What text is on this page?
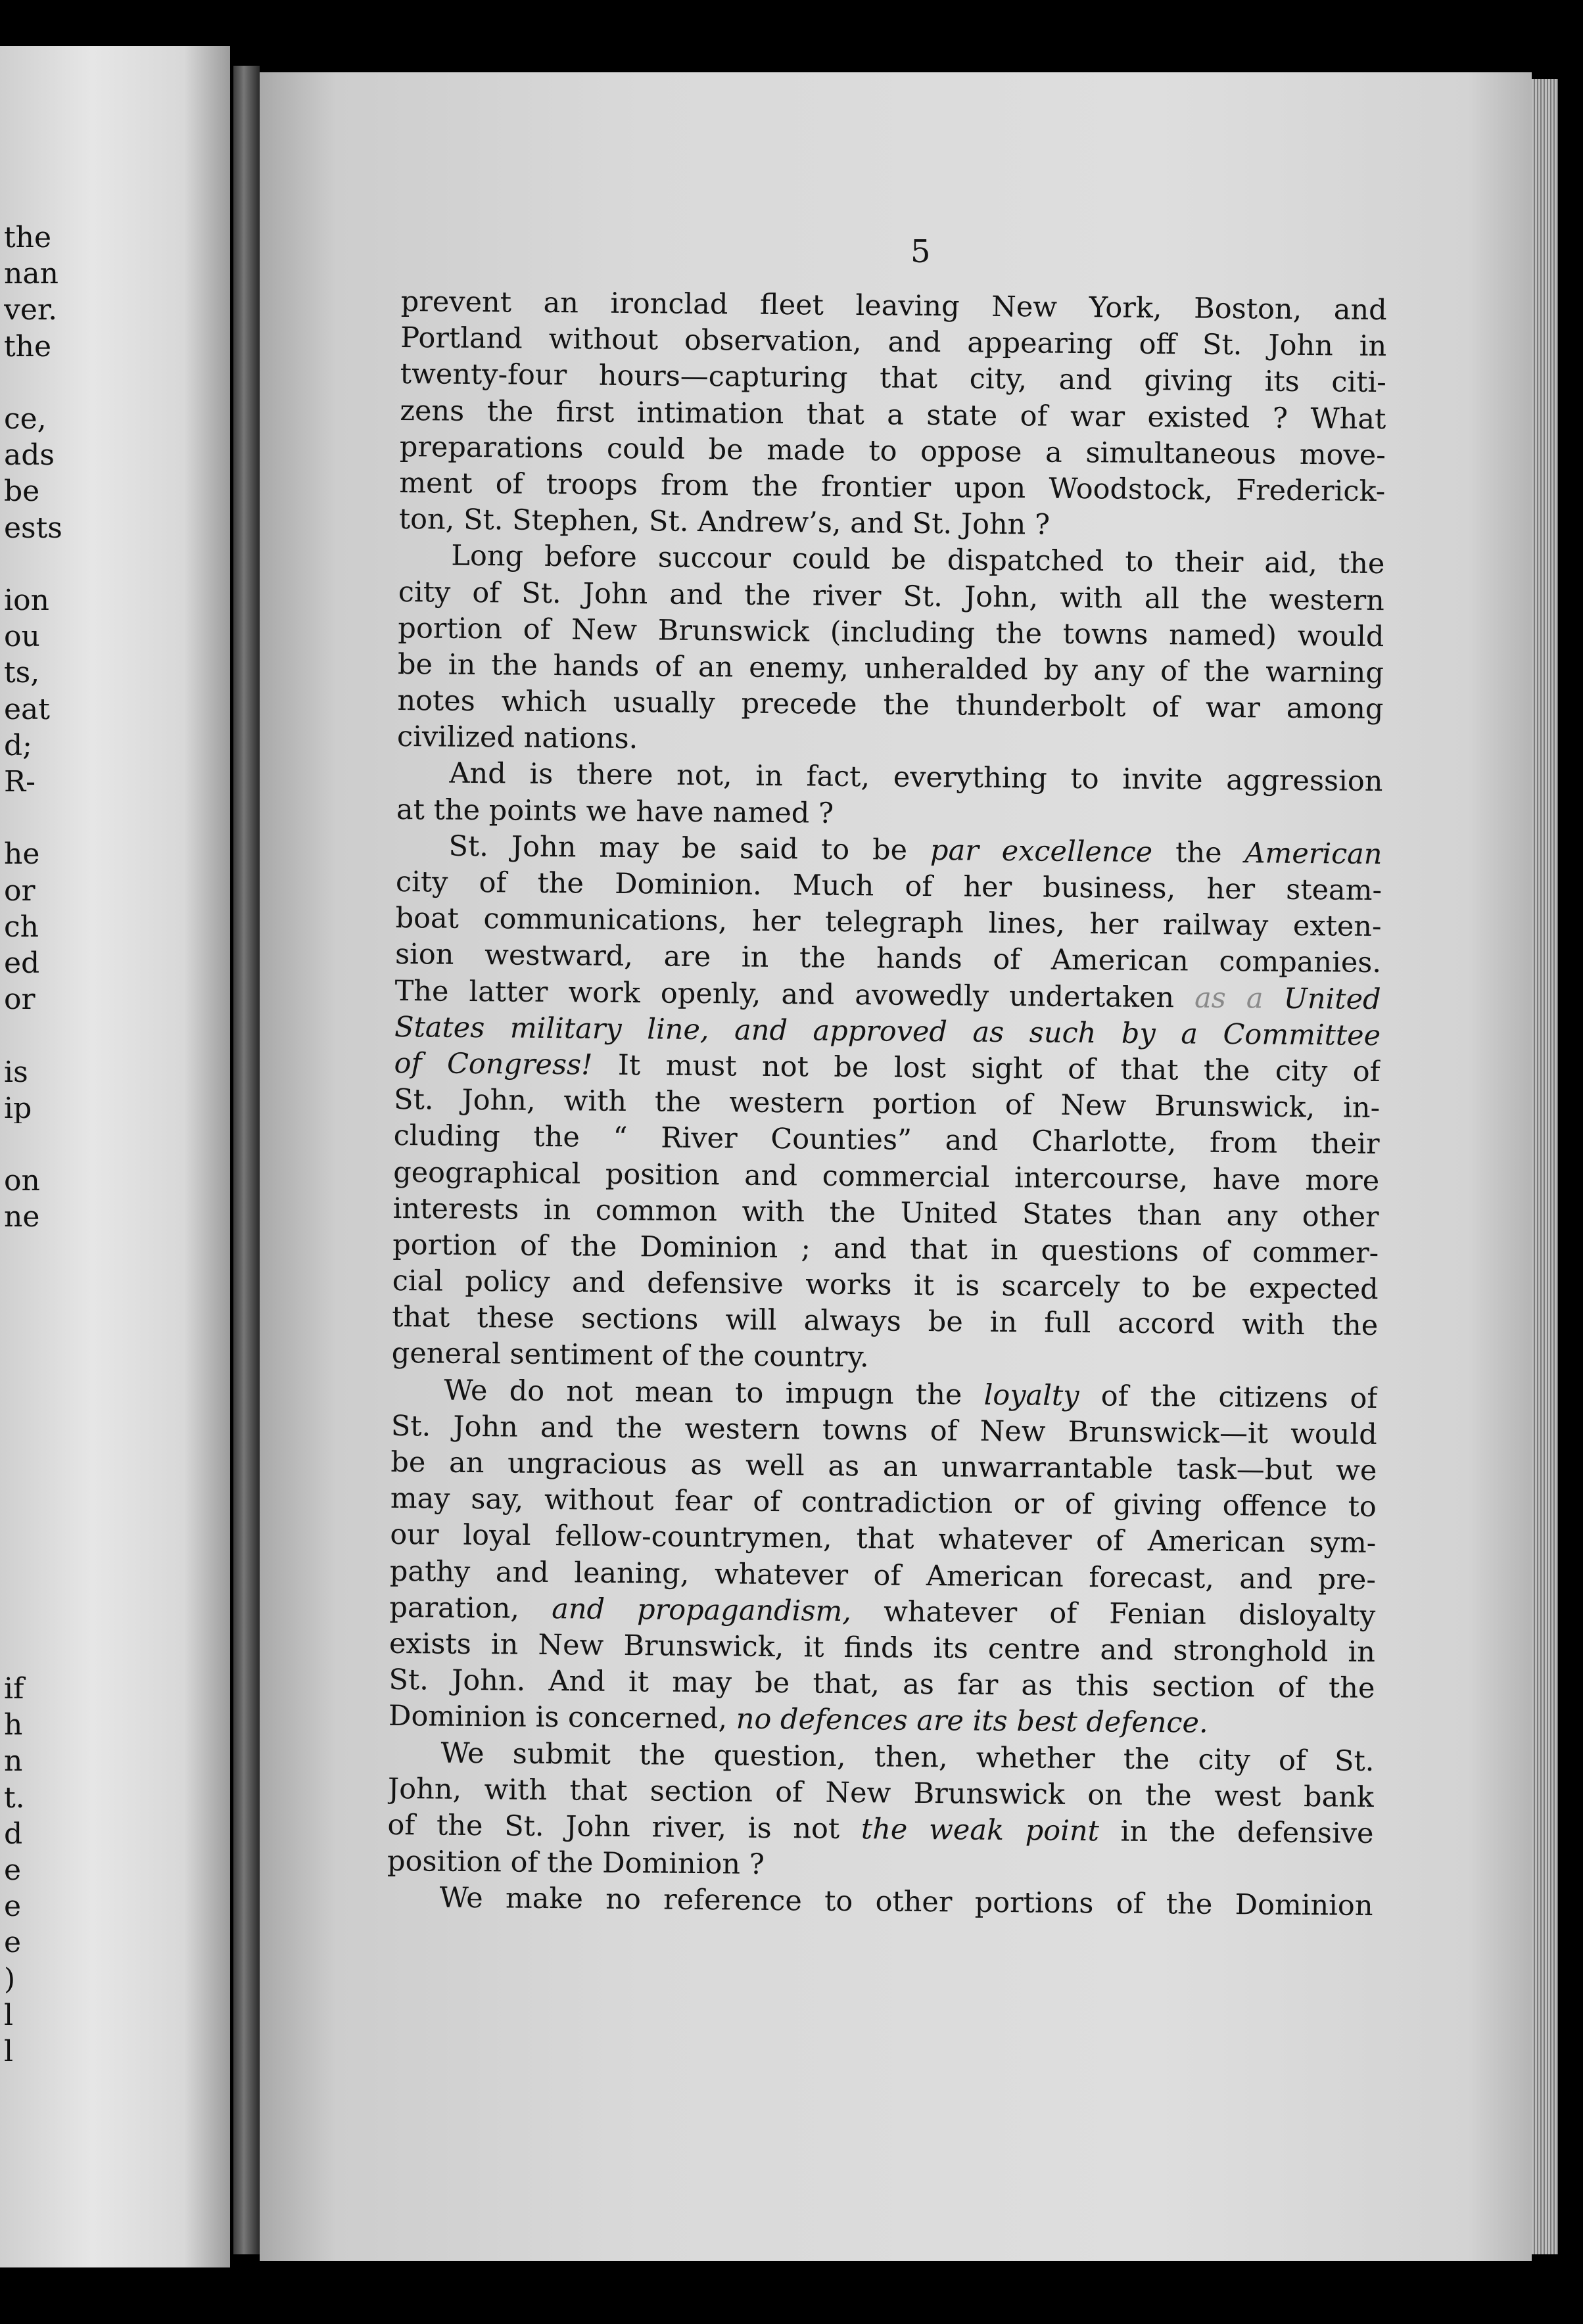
the
nan
ver.
the
ce,
ads
be
ests
ion
ou
ts,
eat
d;
R-
he
or
ch
ed
or
is
ip
on
ne
if
h
n
t.
d
e
e
e
)
l
l
5
prevent an ironclad fleet leaving New York, Boston, and
Portland without observation, and appearing off St. John in
twenty-four hours—capturing that city, and giving its citi-
zens the first intimation that a state of war existed ? What
preparations could be made to oppose a simultaneous move-
ment of troops from the frontier upon Woodstock, Frederick-
ton, St. Stephen, St. Andrew’s, and St. John ?
Long before succour could be dispatched to their aid, the
city of St. John and the river St. John, with all the western
portion of New Brunswick (including the towns named) would
be in the hands of an enemy, unheralded by any of the warning
notes which usually precede the thunderbolt of war among
civilized nations.
And is there not, in fact, everything to invite aggression
at the points we have named ?
St. John may be said to be par excellence the American
city of the Dominion. Much of her business, her steam-
boat communications, her telegraph lines, her railway exten-
sion westward, are in the hands of American companies.
The latter work openly, and avowedly undertaken as a United
States military line, and approved as such by a Committee
of Congress! It must not be lost sight of that the city of
St. John, with the western portion of New Brunswick, in-
cluding the “ River Counties” and Charlotte, from their
geographical position and commercial intercourse, have more
interests in common with the United States than any other
portion of the Dominion ; and that in questions of commer-
cial policy and defensive works it is scarcely to be expected
that these sections will always be in full accord with the
general sentiment of the country.
We do not mean to impugn the loyalty of the citizens of
St. John and the western towns of New Brunswick—it would
be an ungracious as well as an unwarrantable task—but we
may say, without fear of contradiction or of giving offence to
our loyal fellow-countrymen, that whatever of American sym-
pathy and leaning, whatever of American forecast, and pre-
paration, and propagandism, whatever of Fenian disloyalty
exists in New Brunswick, it finds its centre and stronghold in
St. John. And it may be that, as far as this section of the
Dominion is concerned, no defences are its best defence.
We submit the question, then, whether the city of St.
John, with that section of New Brunswick on the west bank
of the St. John river, is not the weak point in the defensive
position of the Dominion ?
We make no reference to other portions of the Dominion
